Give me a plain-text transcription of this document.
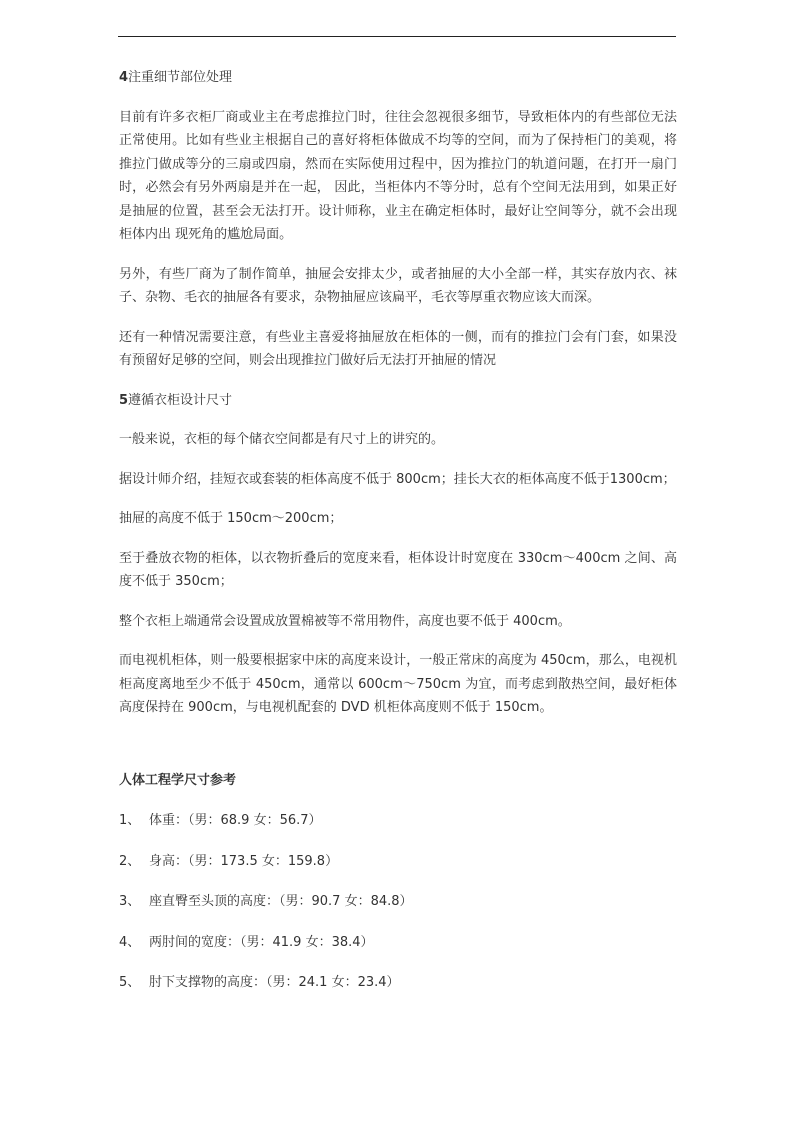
4注重细节部位处理

目前有许多衣柜厂商或业主在考虑推拉门时，往往会忽视很多细节，导致柜体内的有些部位无法正常使用。比如有些业主根据自己的喜好将柜体做成不均等的空间，而为了保持柜门的美观，将推拉门做成等分的三扇或四扇，然而在实际使用过程中，因为推拉门的轨道问题，在打开一扇门时，必然会有另外两扇是并在一起， 因此，当柜体内不等分时，总有个空间无法用到，如果正好是抽屉的位置，甚至会无法打开。设计师称，业主在确定柜体时，最好让空间等分，就不会出现柜体内出 现死角的尴尬局面。

另外，有些厂商为了制作简单，抽屉会安排太少，或者抽屉的大小全部一样，其实存放内衣、袜子、杂物、毛衣的抽屉各有要求，杂物抽屉应该扁平，毛衣等厚重衣物应该大而深。

还有一种情况需要注意，有些业主喜爱将抽屉放在柜体的一侧，而有的推拉门会有门套，如果没有预留好足够的空间，则会出现推拉门做好后无法打开抽屉的情况

5遵循衣柜设计尺寸

一般来说，衣柜的每个储衣空间都是有尺寸上的讲究的。

据设计师介绍，挂短衣或套装的柜体高度不低于 800cm；挂长大衣的柜体高度不低于1300cm；

抽屉的高度不低于 150cm～200cm；

至于叠放衣物的柜体，以衣物折叠后的宽度来看，柜体设计时宽度在 330cm～400cm 之间、高度不低于 350cm；

整个衣柜上端通常会设置成放置棉被等不常用物件，高度也要不低于 400cm。

而电视机柜体，则一般要根据家中床的高度来设计，一般正常床的高度为 450cm，那么，电视机柜高度离地至少不低于 450cm，通常以 600cm～750cm 为宜，而考虑到散热空间，最好柜体高度保持在 900cm，与电视机配套的 DVD 机柜体高度则不低于 150cm。

人体工程学尺寸参考

1、 体重：（男：68.9 女：56.7）

2、 身高：（男：173.5 女：159.8）

3、 座直臀至头顶的高度：（男：90.7 女：84.8）

4、 两肘间的宽度：（男：41.9 女：38.4）

5、 肘下支撑物的高度：（男：24.1 女：23.4）
